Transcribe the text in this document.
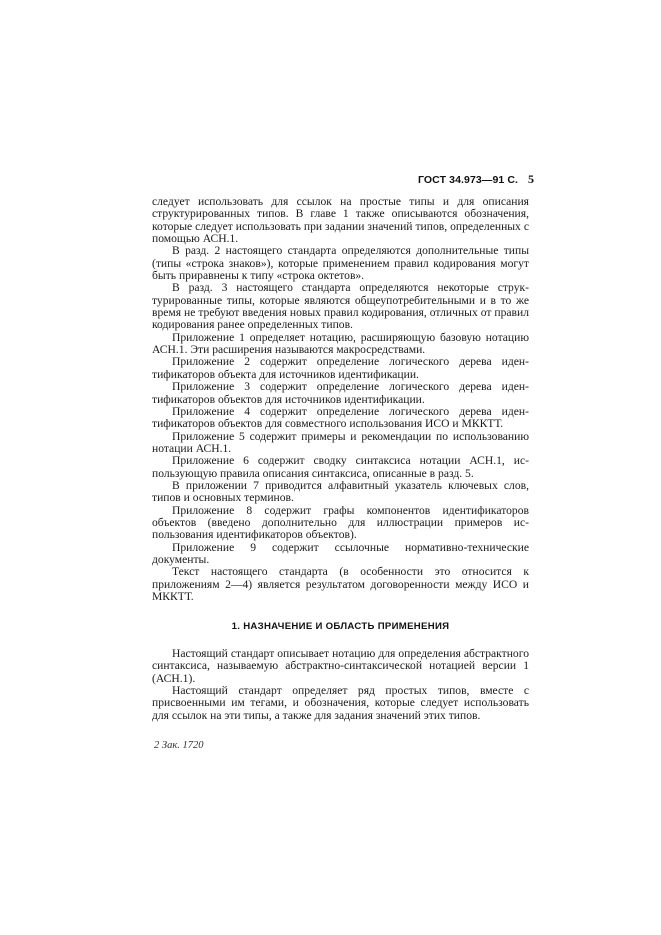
ГОСТ 34.973—91 С. 5

следует использовать для ссылок на простые типы и для описания структурированных типов. В главе 1 также описываются обозначения, которые следует использовать при задании значений типов, определенных с помощью АСН.1.

В разд. 2 настоящего стандарта определяются дополнительные типы (типы «строка знаков»), которые применением правил кодирования могут быть приравнены к типу «строка октетов».

В разд. 3 настоящего стандарта определяются некоторые структурированные типы, которые являются общеупотребительными и в то же время не требуют введения новых правил кодирования, отличных от правил кодирования ранее определенных типов.

Приложение 1 определяет нотацию, расширяющую базовую нотацию АСН.1. Эти расширения называются макросредствами.

Приложение 2 содержит определение логического дерева идентификаторов объекта для источников идентификации.

Приложение 3 содержит определение логического дерева идентификаторов объектов для источников идентификации.

Приложение 4 содержит определение логического дерева идентификаторов объектов для совместного использования ИСО и МККТТ.

Приложение 5 содержит примеры и рекомендации по использованию нотации АСН.1.

Приложение 6 содержит сводку синтаксиса нотации АСН.1, использующую правила описания синтаксиса, описанные в разд. 5.

В приложении 7 приводится алфавитный указатель ключевых слов, типов и основных терминов.

Приложение 8 содержит графы компонентов идентификаторов объектов (введено дополнительно для иллюстрации примеров использования идентификаторов объектов).

Приложение 9 содержит ссылочные нормативно-технические документы.

Текст настоящего стандарта (в особенности это относится к приложениям 2—4) является результатом договоренности между ИСО и МККТТ.

1. НАЗНАЧЕНИЕ И ОБЛАСТЬ ПРИМЕНЕНИЯ

Настоящий стандарт описывает нотацию для определения абстрактного синтаксиса, называемую абстрактно-синтаксической нотацией версии 1 (АСН.1).

Настоящий стандарт определяет ряд простых типов, вместе с присвоенными им тегами, и обозначения, которые следует использовать для ссылок на эти типы, а также для задания значений этих типов.

2 Зак. 1720
